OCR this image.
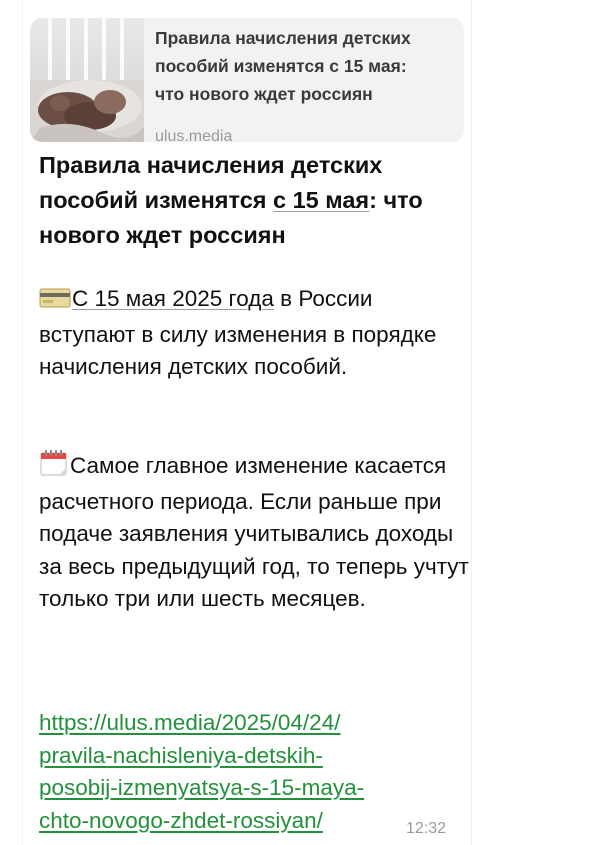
Правила начисления детских
пособий изменятся с 15 мая:
что нового ждет россиян
ulus.media
Правила начисления детских пособий изменятся с 15 мая: что нового ждет россиян
С 15 мая 2025 года в России вступают в силу изменения в порядке начисления детских пособий.
Самое главное изменение касается расчетного периода. Если раньше при подаче заявления учитывались доходы за весь предыдущий год, то теперь учтут только три или шесть месяцев.
https://ulus.media/2025/04/24/
pravila-nachisleniya-detskih-
posobij-izmenyatsya-s-15-maya-
chto-novogo-zhdet-rossiyan/	12:32
